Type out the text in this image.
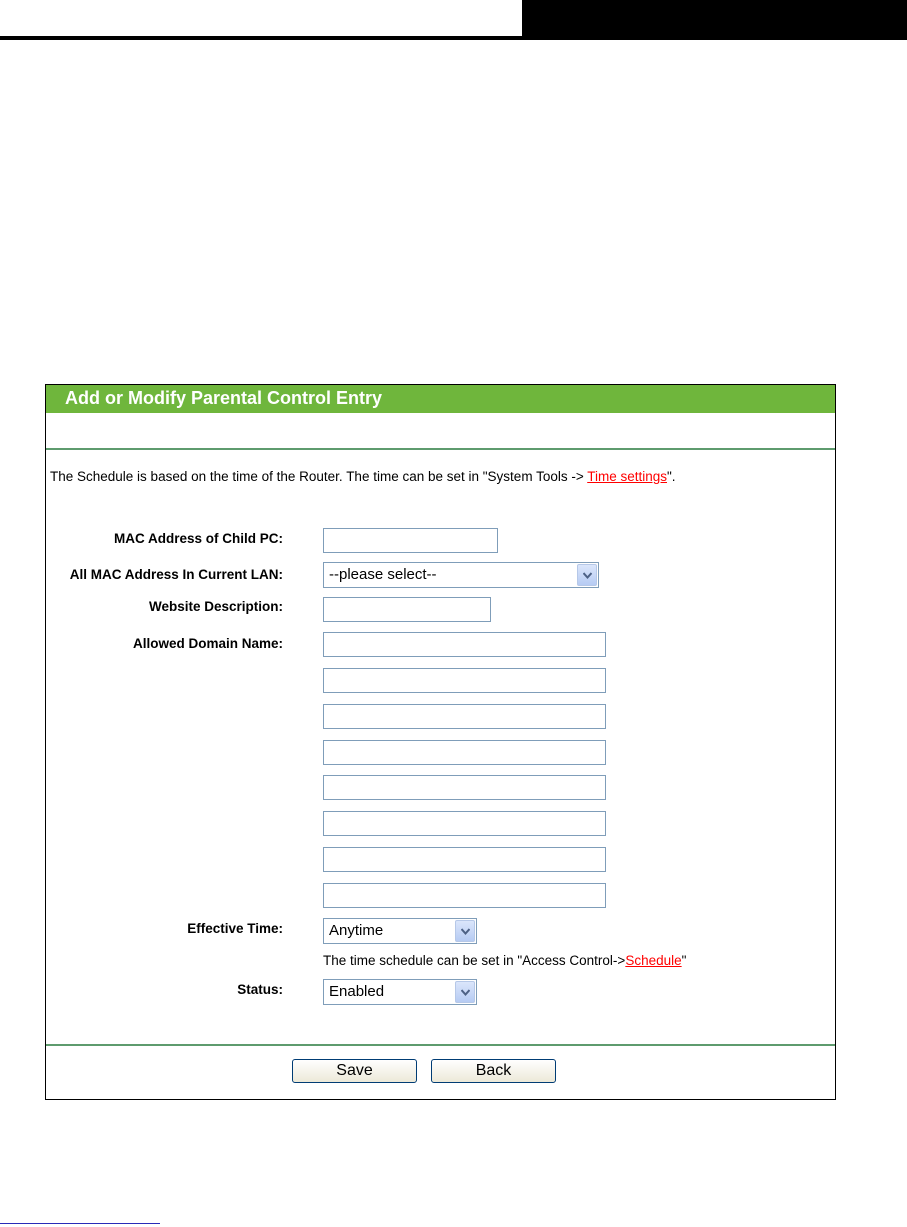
Add or Modify Parental Control Entry
The Schedule is based on the time of the Router. The time can be set in "System Tools -> Time settings".
MAC Address of Child PC:
All MAC Address In Current LAN:	--please select--
Website Description:
Allowed Domain Name:
Effective Time:	Anytime
The time schedule can be set in "Access Control->Schedule"
Status:	Enabled
Save	Back
